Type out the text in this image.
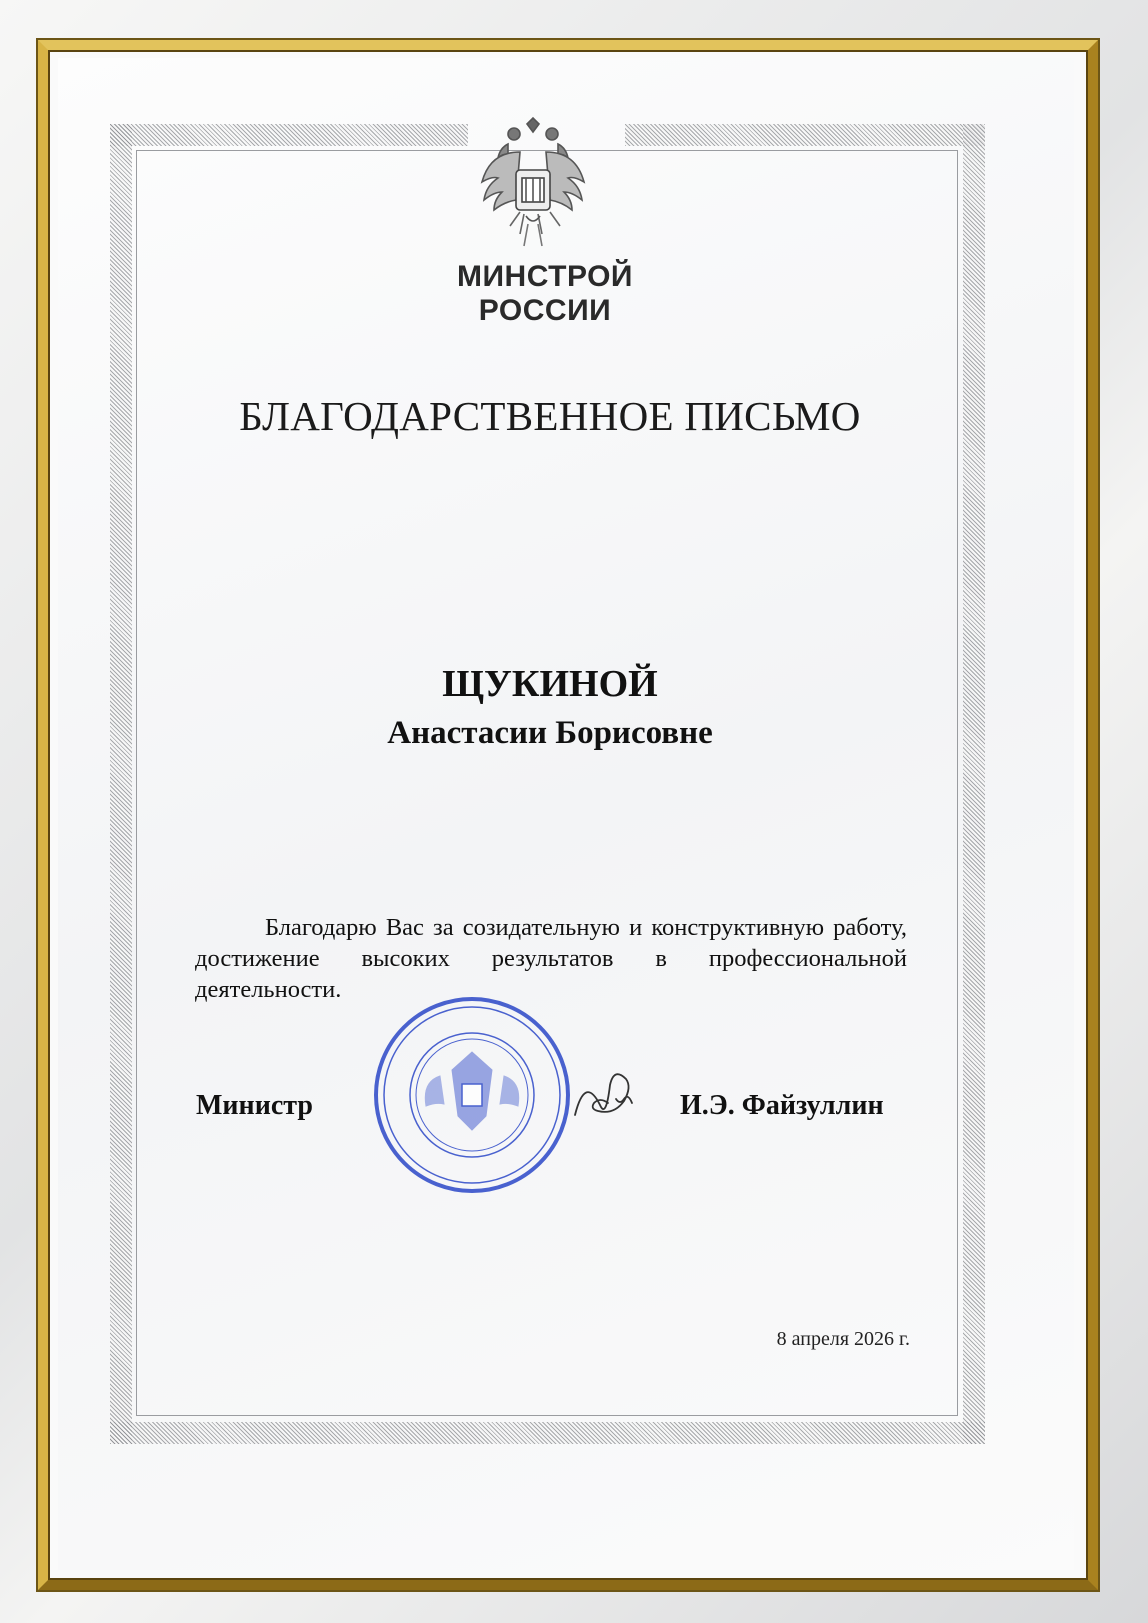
МИНСТРОЙ
РОССИИ
БЛАГОДАРСТВЕННОЕ ПИСЬМО
ЩУКИНОЙ
Анастасии Борисовне
Благодарю Вас за созидательную и конструктивную работу, достижение высоких результатов в профессиональной деятельности.
Министр	И.Э. Файзуллин
8 апреля 2026 г.
